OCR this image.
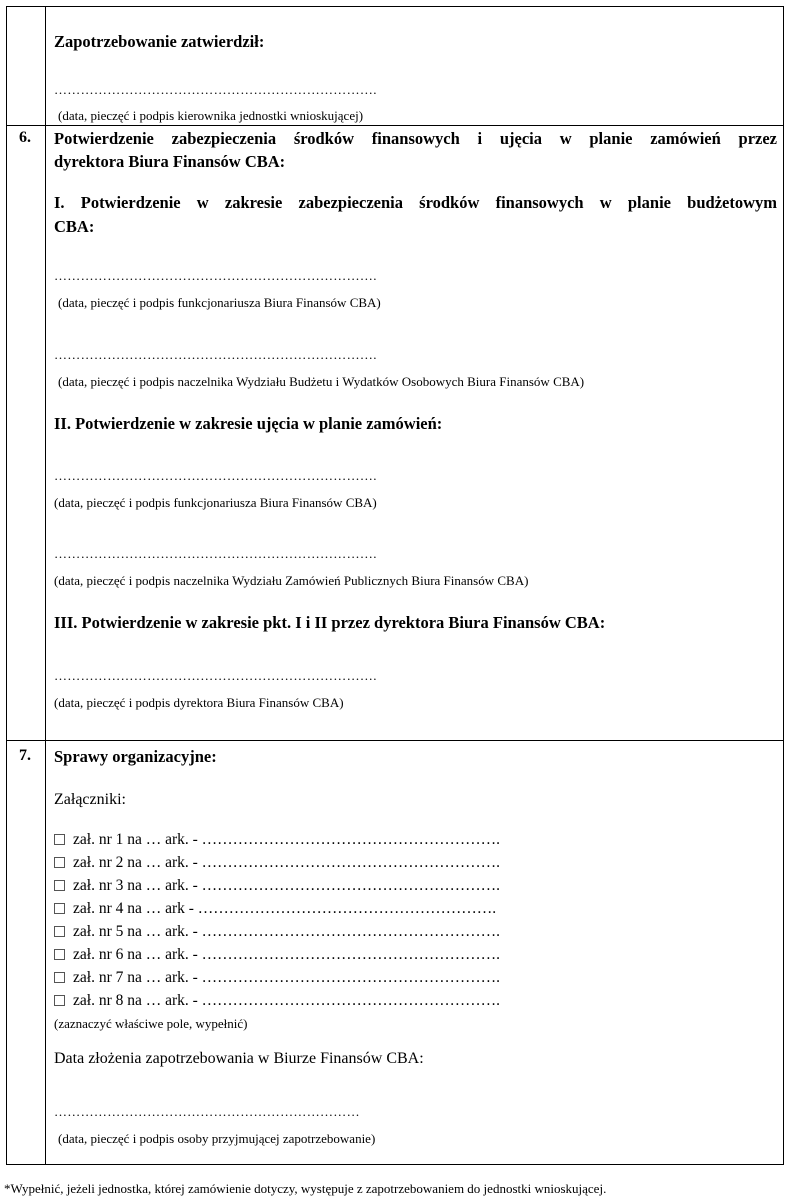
Zapotrzebowanie zatwierdził:
……………………………………………………………….
(data, pieczęć i podpis kierownika jednostki wnioskującej)
6. Potwierdzenie zabezpieczenia środków finansowych i ujęcia w planie zamówień przez
dyrektora Biura Finansów CBA:
I. Potwierdzenie w zakresie zabezpieczenia środków finansowych w planie budżetowym
CBA:
……………………………………………………………….
(data, pieczęć i podpis funkcjonariusza Biura Finansów CBA)
……………………………………………………………….
(data, pieczęć i podpis naczelnika Wydziału Budżetu i Wydatków Osobowych Biura Finansów CBA)
II. Potwierdzenie w zakresie ujęcia w planie zamówień:
……………………………………………………………….
(data, pieczęć i podpis funkcjonariusza Biura Finansów CBA)
……………………………………………………………….
(data, pieczęć i podpis naczelnika Wydziału Zamówień Publicznych Biura Finansów CBA)
III. Potwierdzenie w zakresie pkt. I i II przez dyrektora Biura Finansów CBA:
……………………………………………………………….
(data, pieczęć i podpis dyrektora Biura Finansów CBA)
7. Sprawy organizacyjne:
Załączniki:
zał. nr 1 na … ark. - ………………………………………………….
zał. nr 2 na … ark. - ………………………………………………….
zał. nr 3 na … ark. - ………………………………………………….
zał. nr 4 na … ark - ………………………………………………….
zał. nr 5 na … ark. - ………………………………………………….
zał. nr 6 na … ark. - ………………………………………………….
zał. nr 7 na … ark. - ………………………………………………….
zał. nr 8 na … ark. - ………………………………………………….
(zaznaczyć właściwe pole, wypełnić)
Data złożenia zapotrzebowania w Biurze Finansów CBA:
……………………………………………………………
(data, pieczęć i podpis osoby przyjmującej zapotrzebowanie)
*Wypełnić, jeżeli jednostka, której zamówienie dotyczy, występuje z zapotrzebowaniem do jednostki wnioskującej.
